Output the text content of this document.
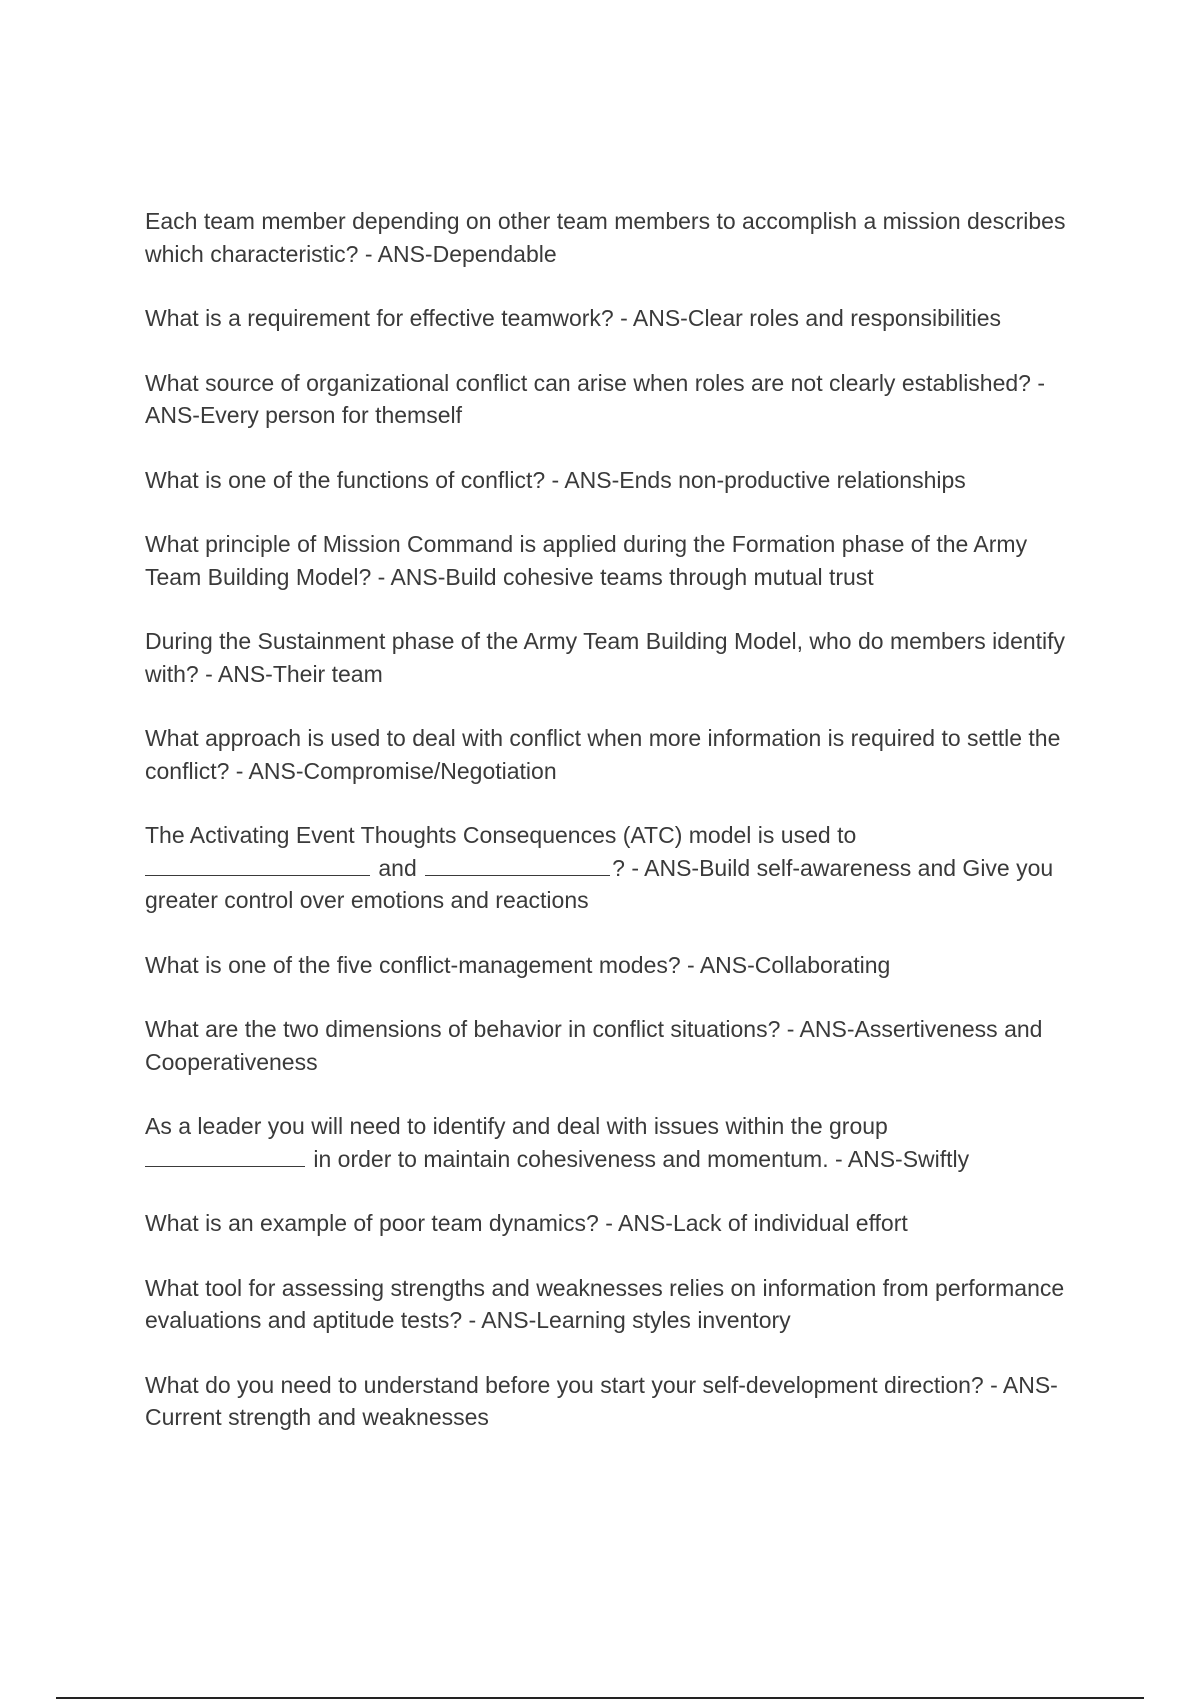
Each team member depending on other team members to accomplish a mission describes which characteristic? - ANS-Dependable
What is a requirement for effective teamwork? - ANS-Clear roles and responsibilities
What source of organizational conflict can arise when roles are not clearly established? - ANS-Every person for themself
What is one of the functions of conflict? - ANS-Ends non-productive relationships
What principle of Mission Command is applied during the Formation phase of the Army Team Building Model? - ANS-Build cohesive teams through mutual trust
During the Sustainment phase of the Army Team Building Model, who do members identify with? - ANS-Their team
What approach is used to deal with conflict when more information is required to settle the conflict? - ANS-Compromise/Negotiation
The Activating Event Thoughts Consequences (ATC) model is used to
and	? - ANS-Build self-awareness and Give you greater control over emotions and reactions
What is one of the five conflict-management modes? - ANS-Collaborating
What are the two dimensions of behavior in conflict situations? - ANS-Assertiveness and Cooperativeness
As a leader you will need to identify and deal with issues within the group
in order to maintain cohesiveness and momentum. - ANS-Swiftly
What is an example of poor team dynamics? - ANS-Lack of individual effort
What tool for assessing strengths and weaknesses relies on information from performance evaluations and aptitude tests? - ANS-Learning styles inventory
What do you need to understand before you start your self-development direction? - ANS-Current strength and weaknesses
